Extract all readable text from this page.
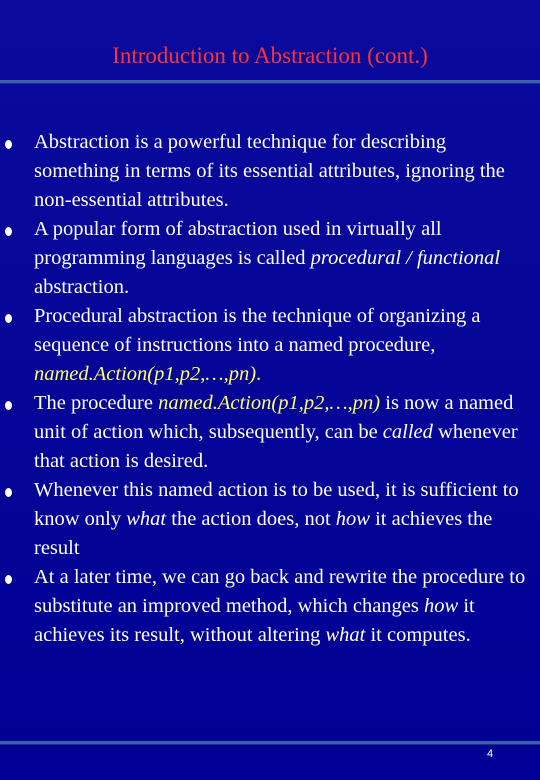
Introduction to Abstraction (cont.)
Abstraction is a powerful technique for describing something in terms of its essential attributes, ignoring the non-essential attributes.
A popular form of abstraction used in virtually all programming languages is called procedural / functional abstraction.
Procedural abstraction is the technique of organizing a sequence of instructions into a named procedure, named.Action(p1,p2,…,pn).
The procedure named.Action(p1,p2,…,pn) is now a named unit of action which, subsequently, can be called whenever that action is desired.
Whenever this named action is to be used, it is sufficient to know only what the action does, not how it achieves the result
At a later time, we can go back and rewrite the procedure to substitute an improved method, which changes how it achieves its result, without altering what it computes.
4
